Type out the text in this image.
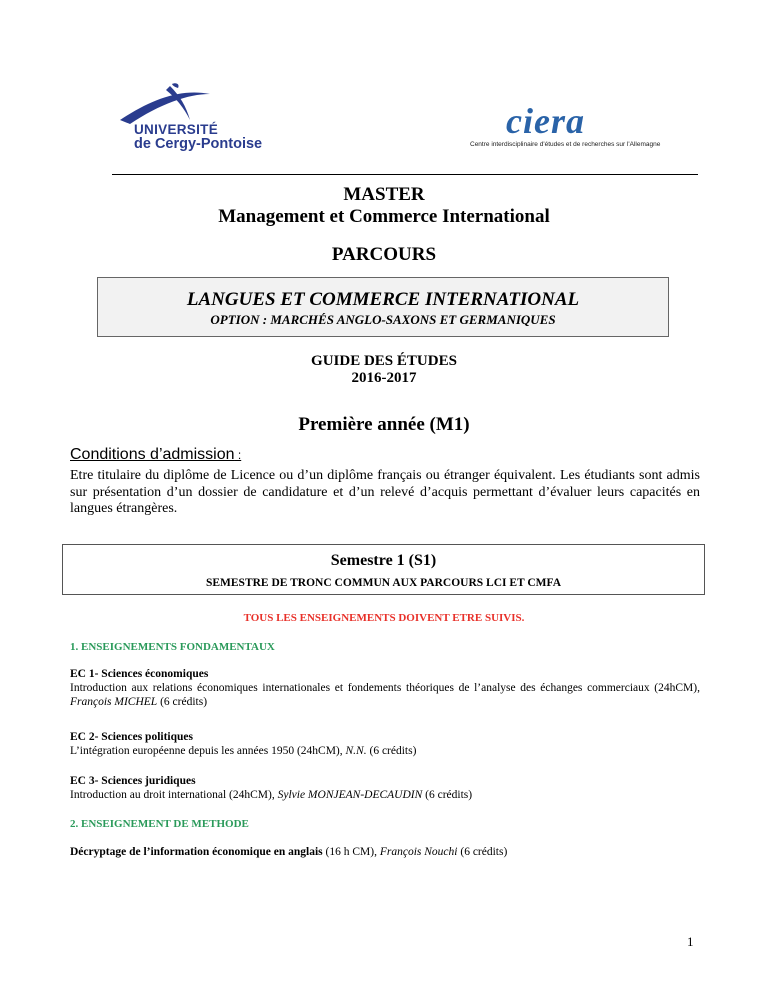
UNIVERSITÉ
de Cergy-Pontoise
ciera
Centre interdisciplinaire d'études et de recherches sur l'Allemagne
MASTER
Management et Commerce International
PARCOURS
LANGUES ET COMMERCE INTERNATIONAL
OPTION : MARCHÉS ANGLO-SAXONS ET GERMANIQUES
GUIDE DES ÉTUDES
2016-2017
Première année (M1)
Conditions d’admission :
Etre titulaire du diplôme de Licence ou d’un diplôme français ou étranger équivalent. Les étudiants sont admis sur présentation d’un dossier de candidature et d’un relevé d’acquis permettant d’évaluer leurs capacités en langues étrangères.
Semestre 1 (S1)
SEMESTRE DE TRONC COMMUN AUX PARCOURS LCI ET CMFA
TOUS LES ENSEIGNEMENTS DOIVENT ETRE SUIVIS.
1. ENSEIGNEMENTS FONDAMENTAUX
EC 1- Sciences économiques
Introduction aux relations économiques internationales et fondements théoriques de l’analyse des échanges commerciaux (24hCM), François MICHEL (6 crédits)
EC 2- Sciences politiques
L’intégration européenne depuis les années 1950 (24hCM), N.N. (6 crédits)
EC 3- Sciences juridiques
Introduction au droit international (24hCM), Sylvie MONJEAN-DECAUDIN (6 crédits)
2. ENSEIGNEMENT DE METHODE
Décryptage de l’information économique en anglais (16 h CM), François Nouchi (6 crédits)
1
